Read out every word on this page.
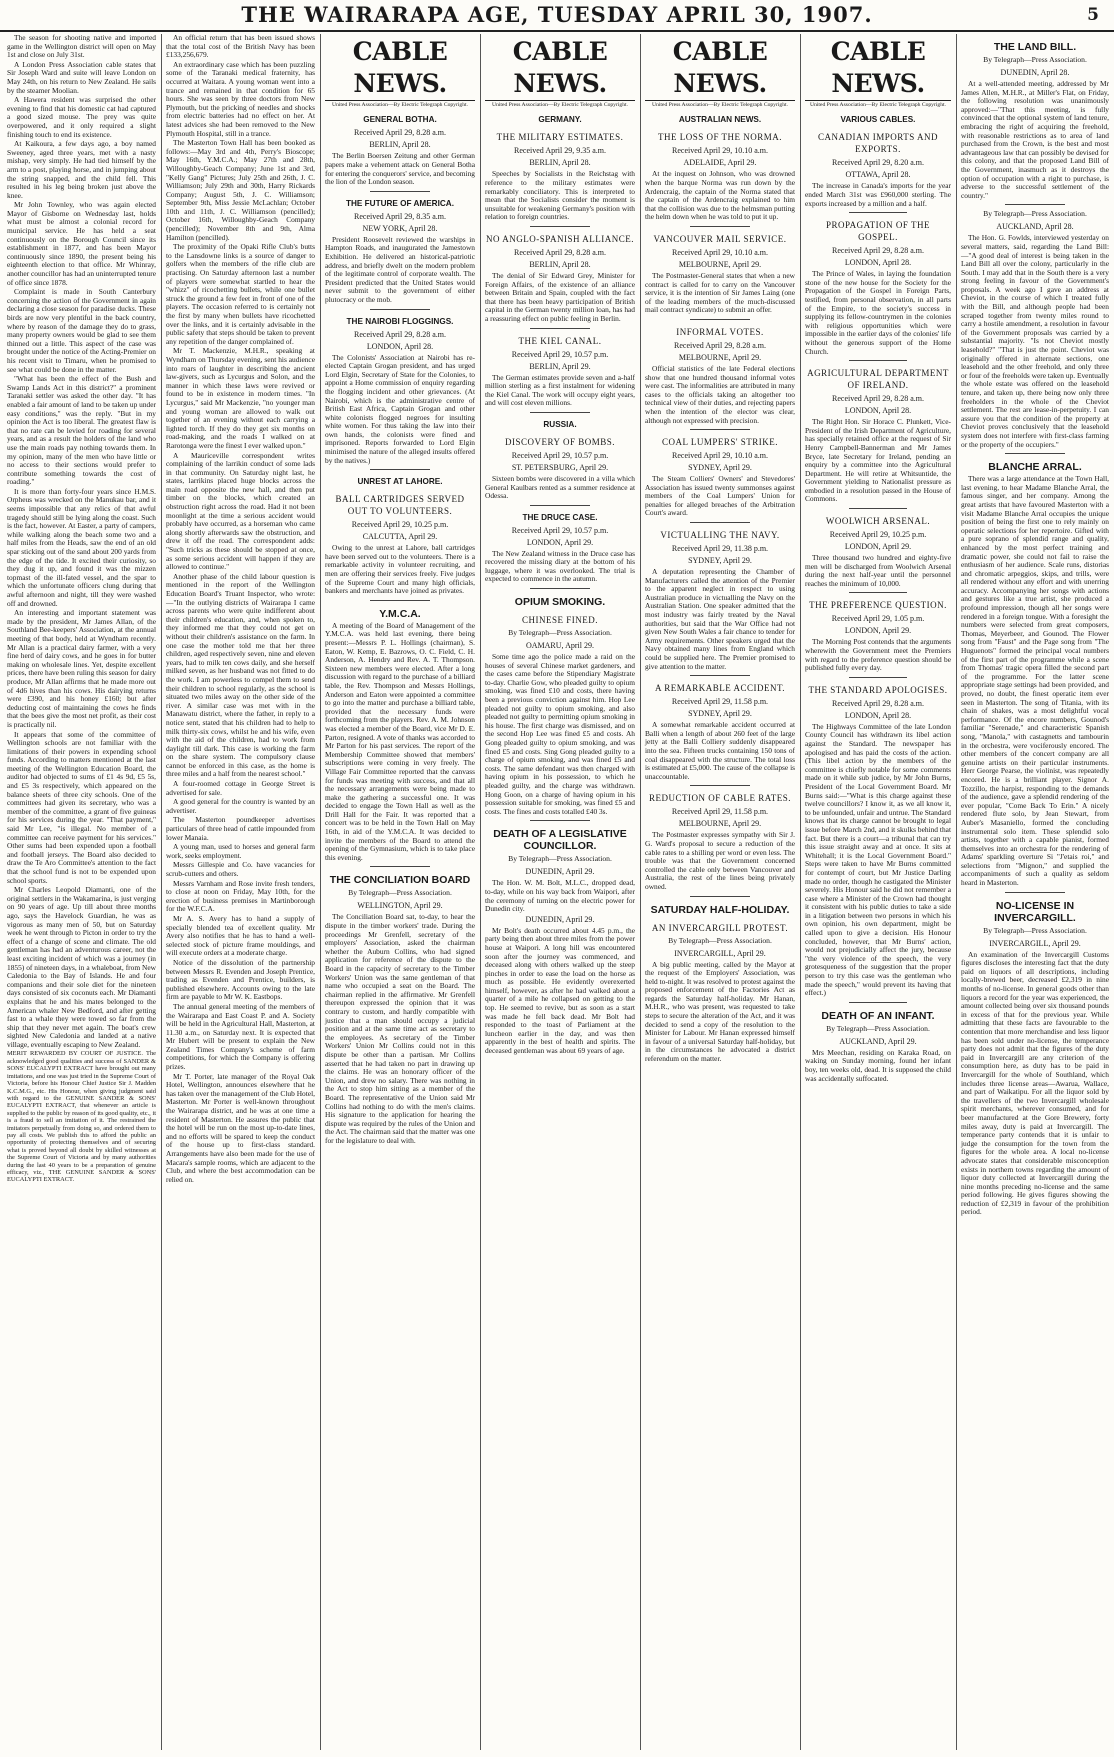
THE WAIRARAPA AGE, TUESDAY APRIL 30, 1907.	5

The season for shooting native and imported game in the Wellington district will open on May 1st and close on July 31st.

A London Press Association cable states that Sir Joseph Ward and suite will leave London on May 24th, on his return to New Zealand. He sails by the steamer Moolian.

A Hawera resident was surprised the other evening to find that his domestic cat had captured a good sized mouse. The prey was quite overpowered, and it only required a slight finishing touch to end its existence.

At Kaikoura, a few days ago, a boy named Sweeney, aged three years, met with a nasty mishap, very simply. He had tied himself by the arm to a post, playing horse, and in jumping about the string snapped, and the child fell. This resulted in his leg being broken just above the knee.

Mr John Townley, who was again elected Mayor of Gisborne on Wednesday last, holds what must be almost a colonial record for municipal service. He has held a seat continuously on the Borough Council since its establishment in 1877, and has been Mayor continuously since 1890, the present being his eighteenth election to that office. Mr Whinray, another councillor has had an uninterrupted tenure of office since 1878.

Complaint is made in South Canterbury concerning the action of the Government in again declaring a close season for paradise ducks. These birds are now very plentiful in the back country, where by reason of the damage they do to grass, many property owners would be glad to see them thinned out a little. This aspect of the case was brought under the notice of the Acting-Premier on his recent visit to Timaru, when he promised to see what could be done in the matter.

"What has been the effect of the Bush and Swamp Lands Act in this district?" a prominent Taranaki settler was asked the other day. "It has enabled a fair amount of land to be taken up under easy conditions," was the reply. "But in my opinion the Act is too liberal. The greatest flaw is that no rate can be levied for roading for several years, and as a result the holders of the land who use the main roads pay nothing towards them. In my opinion, many of the men who have little or no access to their sections would prefer to contribute something towards the cost of roading."

It is more than forty-four years since H.M.S. Orpheus was wrecked on the Manukau bar, and it seems impossible that any relics of that awful tragedy should still be lying along the coast. Such is the fact, however. At Easter, a party of campers, while walking along the beach some two and a half miles from the Heads, saw the end of an old spar sticking out of the sand about 200 yards from the edge of the tide. It excited their curiosity, so they dug it up, and found it was the mizzen topmast of the ill-fated vessel, and the spar to which the unfortunate officers clung during that awful afternoon and night, till they were washed off and drowned.

An interesting and important statement was made by the president, Mr James Allan, of the Southland Bee-keepers' Association, at the annual meeting of that body, held at Wyndham recently. Mr Allan is a practical dairy farmer, with a very fine herd of dairy cows, and he goes in for butter making on wholesale lines. Yet, despite excellent prices, there have been ruling this season for dairy produce, Mr Allan affirms that he made more out of 4d6 hives than his cows. His dairying returns were £390, and his honey £160; but after deducting cost of maintaining the cows he finds that the bees give the most net profit, as their cost is practically nil.

It appears that some of the committee of Wellington schools are not familiar with the limitations of their powers in expending school funds. According to matters mentioned at the last meeting of the Wellington Education Board, the auditor had objected to sums of £1 4s 9d, £5 5s, and £5 3s respectively, which appeared on the balance sheets of three city schools. One of the committees had given its secretary, who was a member of the committee, a grant of five guineas for his services during the year. "That payment," said Mr Lee, "is illegal. No member of a committee can receive payment for his services." Other sums had been expended upon a football and football jerseys. The Board also decided to draw the Te Aro Committee's attention to the fact that the school fund is not to be expended upon school sports.

Mr Charles Leopold Diamanti, one of the original settlers in the Wakamarina, is just verging on 90 years of age. Up till about three months ago, says the Havelock Guardian, he was as vigorous as many men of 50, but on Saturday week he went through to Picton in order to try the effect of a change of scene and climate. The old gentleman has had an adventurous career, not the least exciting incident of which was a journey (in 1855) of nineteen days, in a whaleboat, from New Caledonia to the Bay of Islands. He and four companions and their sole diet for the nineteen days consisted of six coconuts each. Mr Diamanti explains that he and his mates belonged to the American whaler New Bedford, and after getting fast to a whale they were towed so far from the ship that they never met again. The boat's crew sighted New Caledonia and landed at a native village, eventually escaping to New Zealand.

MERIT REWARDED BY COURT OF JUSTICE. The acknowledged good qualities and success of SANDER & SONS' EUCALYPTI EXTRACT have brought out many imitations, and one was just tried in the Supreme Court of Victoria, before his Honour Chief Justice Sir J. Madden K.C.M.G., etc. His Honour, when giving judgment said with regard to the GENUINE SANDER & SONS' EUCALYPTI EXTRACT, that whenever an article is supplied to the public by reason of its good quality, etc., it is a fraud to sell an imitation of it. The restrained the imitators perpetually from doing so, and ordered them to pay all costs. We publish this to afford the public an opportunity of protecting themselves and of securing what is proved beyond all doubt by skilled witnesses at the Supreme Court of Victoria and by many authorities during the last 40 years to be a preparation of genuine efficacy, viz., THE GENUINE SANDER & SONS' EUCALYPTI EXTRACT.

An official return that has been issued shows that the total cost of the British Navy has been £133,256,679.

An extraordinary case which has been puzzling some of the Taranaki medical fraternity, has occurred at Waitara. A young woman went into a trance and remained in that condition for 65 hours. She was seen by three doctors from New Plymouth, but the pricking of needles and shocks from electric batteries had no effect on her. At latest advices she had been removed to the New Plymouth Hospital, still in a trance.

The Masterton Town Hall has been booked as follows:—May 3rd and 4th, Perry's Bioscope; May 16th, Y.M.C.A.; May 27th and 28th, Willoughby-Geach Company; June 1st and 3rd, "Kelly Gang" Pictures; July 25th and 26th, J. C. Williamson; July 29th and 30th, Harry Rickards Company; August 5th, J. C. Williamson; September 9th, Miss Jessie McLachlan; October 10th and 11th, J. C. Williamson (pencilled); October 16th, Willoughby-Geach Company (pencilled); November 8th and 9th, Alma Hamilton (pencilled).

The proximity of the Opaki Rifle Club's butts to the Lansdowne links is a source of danger to golfers when the members of the rifle club are practising. On Saturday afternoon last a number of players were somewhat startled to hear the "whizz" of ricochetting bullets, while one bullet struck the ground a few feet in front of one of the players. The occasion referred to is certainly not the first by many when bullets have ricochetted over the links, and it is certainly advisable in the public safety that steps should be taken to prevent any repetition of the danger complained of.

Mr T. Mackenzie, M.H.R., speaking at Wyndham on Thursday evening, sent his audience into roars of laughter in describing the ancient law-givers, such as Lycurgus and Solon, and the manner in which these laws were revived or found to be in existence in modern times. "In Lycurgus," said Mr Mackenzie, "no younger man and young woman are allowed to walk out together of an evening without each carrying a lighted torch. If they do they get six months on road-making, and the roads I walked on at Rarotonga were the finest I ever walked upon."

A Mauriceville correspondent writes complaining of the larrikin conduct of some lads in that community. On Saturday night last, he states, larrikins placed huge blocks across the main road opposite the new hall, and then put timber on the blocks, which created an obstruction right across the road. Had it not been moonlight at the time a serious accident would probably have occurred, as a horseman who came along shortly afterwards saw the obstruction, and drew it off the road. The correspondent adds: "Such tricks as these should be stopped at once, as some serious accident will happen if they are allowed to continue."

Another phase of the child labour question is mentioned in the report of the Wellington Education Board's Truant Inspector, who wrote:—"In the outlying districts of Wairarapa I came across parents who were quite indifferent about their children's education, and, when spoken to, they informed me that they could not get on without their children's assistance on the farm. In one case the mother told me that her three children, aged respectively seven, nine and eleven years, had to milk ten cows daily, and she herself milked seven, as her husband was not fitted to do the work. I am powerless to compel them to send their children to school regularly, as the school is situated two miles away on the other side of the river. A similar case was met with in the Manawatu district, where the father, in reply to a notice sent, stated that his children had to help to milk thirty-six cows, whilst he and his wife, even with the aid of the children, had to work from daylight till dark. This case is working the farm on the share system. The compulsory clause cannot be enforced in this case, as the home is three miles and a half from the nearest school."

A four-roomed cottage in George Street is advertised for sale.

A good general for the country is wanted by an advertiser.

The Masterton poundkeeper advertises particulars of three head of cattle impounded from lower Manaia.

A young man, used to horses and general farm work, seeks employment.

Messrs Gillespie and Co. have vacancies for scrub-cutters and others.

Messrs Varnham and Rose invite fresh tenders, to close at noon on Friday, May 10th, for the erection of business premises in Martinborough for the W.F.C.A.

Mr A. S. Avery has to hand a supply of specially blended tea of excellent quality. Mr Avery also notifies that he has to hand a well-selected stock of picture frame mouldings, and will execute orders at a moderate charge.

Notice of the dissolution of the partnership between Messrs R. Evenden and Joseph Prentice, trading as Evenden and Prentice, builders, is published elsewhere. Accounts owing to the late firm are payable to Mr W. K. Eastbops.

The annual general meeting of the members of the Wairarapa and East Coast P. and A. Society will be held in the Agricultural Hall, Masterton, at 11.30 a.m., on Saturday next. It is expected that Mr Hubert will be present to explain the New Zealand Times Company's scheme of farm competitions, for which the Company is offering prizes.

Mr T. Porter, late manager of the Royal Oak Hotel, Wellington, announces elsewhere that he has taken over the management of the Club Hotel, Masterton. Mr Porter is well-known throughout the Wairarapa district, and he was at one time a resident of Masterton. He assures the public that the hotel will be run on the most up-to-date lines, and no efforts will be spared to keep the conduct of the house up to first-class standard. Arrangements have also been made for the use of Macara's sample rooms, which are adjacent to the Club, and where the best accommodation can be relied on.

CABLE NEWS.
United Press Association—By Electric Telegraph Copyright.
GENERAL BOTHA.
Received April 29, 8.28 a.m.
BERLIN, April 28.

The Berlin Boersen Zeitung and other German papers make a vehement attack on General Botha for entering the conquerors' service, and becoming the lion of the London season.

THE FUTURE OF AMERICA.
Received April 29, 8.35 a.m.
NEW YORK, April 28.

President Roosevelt reviewed the warships in Hampton Roads, and inaugurated the Jamestown Exhibition. He delivered an historical-patriotic address, and briefly dwelt on the modern problem of the legitimate control of corporate wealth. The President predicted that the United States would never submit to the government of either plutocracy or the mob.

THE NAIROBI FLOGGINGS.
Received April 29, 8.28 a.m.
LONDON, April 28.

The Colonists' Association at Nairobi has re-elected Captain Grogan president, and has urged Lord Elgin, Secretary of State for the Colonies, to appoint a Home commission of enquiry regarding the flogging incident and other grievances. (At Nairobi, which is the administrative centre of British East Africa, Captain Grogan and other white colonists flogged negroes for insulting white women. For thus taking the law into their own hands, the colonists were fined and imprisoned. Reports forwarded to Lord Elgin minimised the nature of the alleged insults offered by the natives.)

UNREST AT LAHORE.
BALL CARTRIDGES SERVED OUT TO VOLUNTEERS.
Received April 29, 10.25 p.m.
CALCUTTA, April 29.

Owing to the unrest at Lahore, ball cartridges have been served out to the volunteers. There is a remarkable activity in volunteer recruiting, and men are offering their services freely. Five judges of the Supreme Court and many high officials, bankers and merchants have joined as privates.

Y.M.C.A.

A meeting of the Board of Management of the Y.M.C.A. was held last evening, there being present:—Messrs P. L. Hollings (chairman), S. Eaton, W. Kemp, E. Bazrows, O. C. Field, C. H. Anderson, A. Hendry and Rev. A. T. Thompson. Sixteen new members were elected. After a long discussion with regard to the purchase of a billiard table, the Rev. Thompson and Messrs Hollings, Anderson and Eaton were appointed a committee to go into the matter and purchase a billiard table, provided that the necessary funds were forthcoming from the players. Rev. A. M. Johnson was elected a member of the Board, vice Mr D. E. Parton, resigned. A vote of thanks was accorded to Mr Parton for his past services. The report of the Membership Committee showed that members' subscriptions were coming in very freely. The Village Fair Committee reported that the canvass for funds was meeting with success, and that all the necessary arrangements were being made to make the gathering a successful one. It was decided to engage the Town Hall as well as the Drill Hall for the Fair. It was reported that a concert was to be held in the Town Hall on May 16th, in aid of the Y.M.C.A. It was decided to invite the members of the Board to attend the opening of the Gymnasium, which is to take place this evening.

THE CONCILIATION BOARD
By Telegraph—Press Association.
WELLINGTON, April 29.

The Conciliation Board sat, to-day, to hear the dispute in the timber workers' trade. During the proceedings Mr Grenfell, secretary of the employers' Association, asked the chairman whether the Auburn Collins, who had signed application for reference of the dispute to the Board in the capacity of secretary to the Timber Workers' Union was the same gentleman of that name who occupied a seat on the Board. The chairman replied in the affirmative. Mr Grenfell thereupon expressed the opinion that it was contrary to custom, and hardly compatible with justice that a man should occupy a judicial position and at the same time act as secretary to the employees. As secretary of the Timber Workers' Union Mr Collins could not in this dispute be other than a partisan. Mr Collins asserted that he had taken no part in drawing up the claims. He was an honorary officer of the Union, and drew no salary. There was nothing in the Act to stop him sitting as a member of the Board. The representative of the Union said Mr Collins had nothing to do with the men's claims. His signature to the application for hearing the dispute was required by the rules of the Union and the Act. The chairman said that the matter was one for the legislature to deal with.

CABLE NEWS.
United Press Association—By Electric Telegraph Copyright.
GERMANY.
THE MILITARY ESTIMATES.
Received April 29, 9.35 a.m.
BERLIN, April 28.

Speeches by Socialists in the Reichstag with reference to the military estimates were remarkably conciliatory. This is interpreted to mean that the Socialists consider the moment is unsuitable for weakening Germany's position with relation to foreign countries.

NO ANGLO-SPANISH ALLIANCE.
Received April 29, 8.28 a.m.
BERLIN, April 28.

The denial of Sir Edward Grey, Minister for Foreign Affairs, of the existence of an alliance between Britain and Spain, coupled with the fact that there has been heavy participation of British capital in the German twenty million loan, has had a reassuring effect on public feeling in Berlin.

THE KIEL CANAL.
Received April 29, 10.57 p.m.
BERLIN, April 29.

The German estimates provide seven and a-half million sterling as a first instalment for widening the Kiel Canal. The work will occupy eight years, and will cost eleven millions.

RUSSIA.
DISCOVERY OF BOMBS.
Received April 29, 10.57 p.m.
ST. PETERSBURG, April 29.

Sixteen bombs were discovered in a villa which General Kaulbars rented as a summer residence at Odessa.

THE DRUCE CASE.
Received April 29, 10.57 p.m.
LONDON, April 29.

The New Zealand witness in the Druce case has recovered the missing diary at the bottom of his luggage, where it was overlooked. The trial is expected to commence in the autumn.

OPIUM SMOKING.
CHINESE FINED.
By Telegraph—Press Association.
OAMARU, April 29.

Some time ago the police made a raid on the houses of several Chinese market gardeners, and the cases came before the Stipendiary Magistrate to-day. Charlie Gow, who pleaded guilty to opium smoking, was fined £10 and costs, there having been a previous conviction against him. Hop Lee pleaded not guilty to opium smoking, and also pleaded not guilty to permitting opium smoking in his house. The first charge was dismissed, and on the second Hop Lee was fined £5 and costs. Ah Gong pleaded guilty to opium smoking, and was fined £5 and costs. Sing Gong pleaded guilty to a charge of opium smoking, and was fined £5 and costs. The same defendant was then charged with having opium in his possession, to which he pleaded guilty, and the charge was withdrawn. Hong Goon, on a charge of having opium in his possession suitable for smoking, was fined £5 and costs. The fines and costs totalled £40 3s.

DEATH OF A LEGISLATIVE COUNCILLOR.
By Telegraph—Press Association.
DUNEDIN, April 29.

The Hon. W. M. Bolt, M.L.C., dropped dead, to-day, while on his way back from Waipori, after the ceremony of turning on the electric power for Dunedin city.

DUNEDIN, April 29.

Mr Bolt's death occurred about 4.45 p.m., the party being then about three miles from the power house at Waipori. A long hill was encountered soon after the journey was commenced, and deceased along with others walked up the steep pinches in order to ease the load on the horse as much as possible. He evidently overexerted himself, however, as after he had walked about a quarter of a mile he collapsed on getting to the top. He seemed to revive, but as soon as a start was made he fell back dead. Mr Bolt had responded to the toast of Parliament at the luncheon earlier in the day, and was then apparently in the best of health and spirits. The deceased gentleman was about 69 years of age.

CABLE NEWS.
United Press Association—By Electric Telegraph Copyright.
AUSTRALIAN NEWS.
THE LOSS OF THE NORMA.
Received April 29, 10.10 a.m.
ADELAIDE, April 29.

At the inquest on Johnson, who was drowned when the barque Norma was run down by the Ardencraig, the captain of the Norma stated that the captain of the Ardencraig explained to him that the collision was due to the helmsman putting the helm down when he was told to put it up.

VANCOUVER MAIL SERVICE.
Received April 29, 10.10 a.m.
MELBOURNE, April 29.

The Postmaster-General states that when a new contract is called for to carry on the Vancouver service, it is the intention of Sir James Laing (one of the leading members of the much-discussed mail contract syndicate) to submit an offer.

INFORMAL VOTES.
Received April 29, 8.28 a.m.
MELBOURNE, April 29.

Official statistics of the late Federal elections show that one hundred thousand informal votes were cast. The informalities are attributed in many cases to the officials taking an altogether too technical view of their duties, and rejecting papers when the intention of the elector was clear, although not expressed with precision.

COAL LUMPERS' STRIKE.
Received April 29, 10.10 a.m.
SYDNEY, April 29.

The Steam Colliers' Owners' and Stevedores' Association has issued twenty summonses against members of the Coal Lumpers' Union for penalties for alleged breaches of the Arbitration Court's award.

VICTUALLING THE NAVY.
Received April 29, 11.38 p.m.
SYDNEY, April 29.

A deputation representing the Chamber of Manufacturers called the attention of the Premier to the apparent neglect in respect to using Australian produce in victualling the Navy on the Australian Station. One speaker admitted that the most industry was fairly treated by the Naval authorities, but said that the War Office had not given New South Wales a fair chance to tender for Army requirements. Other speakers urged that the Navy obtained many lines from England which could be supplied here. The Premier promised to give attention to the matter.

A REMARKABLE ACCIDENT.
Received April 29, 11.58 p.m.
SYDNEY, April 29.

A somewhat remarkable accident occurred at Balli when a length of about 260 feet of the large jetty at the Balli Colliery suddenly disappeared into the sea. Fifteen trucks containing 150 tons of coal disappeared with the structure. The total loss is estimated at £5,000. The cause of the collapse is unaccountable.

REDUCTION OF CABLE RATES.
Received April 29, 11.58 p.m.
MELBOURNE, April 29.

The Postmaster expresses sympathy with Sir J. G. Ward's proposal to secure a reduction of the cable rates to a shilling per word or even less. The trouble was that the Government concerned controlled the cable only between Vancouver and Australia, the rest of the lines being privately owned.

SATURDAY HALF-HOLIDAY.
AN INVERCARGILL PROTEST.
By Telegraph—Press Association.
INVERCARGILL, April 29.

A big public meeting, called by the Mayor at the request of the Employers' Association, was held to-night. It was resolved to protest against the proposed enforcement of the Factories Act as regards the Saturday half-holiday. Mr Hanan, M.H.R., who was present, was requested to take steps to secure the alteration of the Act, and it was decided to send a copy of the resolution to the Minister for Labour. Mr Hanan expressed himself in favour of a universal Saturday half-holiday, but in the circumstances he advocated a district referendum on the matter.

CABLE NEWS.
United Press Association—By Electric Telegraph Copyright.
VARIOUS CABLES.
CANADIAN IMPORTS AND EXPORTS.
Received April 29, 8.20 a.m.
OTTAWA, April 28.

The increase in Canada's imports for the year ended March 31st was £960,000 sterling. The exports increased by a million and a half.

PROPAGATION OF THE GOSPEL.
Received April 29, 8.28 a.m.
LONDON, April 28.

The Prince of Wales, in laying the foundation stone of the new house for the Society for the Propagation of the Gospel in Foreign Parts, testified, from personal observation, in all parts of the Empire, to the society's success in supplying its fellow-countrymen in the colonies with religious opportunities which were impossible in the earlier days of the colonies' life without the generous support of the Home Church.

AGRICULTURAL DEPARTMENT OF IRELAND.
Received April 29, 8.28 a.m.
LONDON, April 28.

The Right Hon. Sir Horace C. Plunkett, Vice-President of the Irish Department of Agriculture, has specially retained office at the request of Sir Henry Campbell-Bannerman and Mr James Bryce, late Secretary for Ireland, pending an enquiry by a committee into the Agricultural Department. He will retire at Whitsuntide, the Government yielding to Nationalist pressure as embodied in a resolution passed in the House of Commons.

WOOLWICH ARSENAL.
Received April 29, 10.25 p.m.
LONDON, April 29.

Three thousand two hundred and eighty-five men will be discharged from Woolwich Arsenal during the next half-year until the personnel reaches the minimum of 10,000.

THE PREFERENCE QUESTION.
Received April 29, 1.05 p.m.
LONDON, April 29.

The Morning Post contends that the arguments wherewith the Government meet the Premiers with regard to the preference question should be published fully every day.

THE STANDARD APOLOGISES.
Received April 29, 8.28 a.m.
LONDON, April 28.

The Highways Committee of the late London County Council has withdrawn its libel action against the Standard. The newspaper has apologised and has paid the costs of the action. (This libel action by the members of the committee is chiefly notable for some comments made on it while sub judice, by Mr John Burns, President of the Local Government Board. Mr Burns said:—"What is this charge against these twelve councillors? I know it, as we all know it, to be unfounded, unfair and untrue. The Standard knows that its charge cannot be brought to legal issue before March 2nd, and it skulks behind that fact. But there is a court—a tribunal that can try this issue straight away and at once. It sits at Whitehall; it is the Local Government Board." Steps were taken to have Mr Burns committed for contempt of court, but Mr Justice Darling made no order, though he castigated the Minister severely. His Honour said he did not remember a case where a Minister of the Crown had thought it consistent with his public duties to take a side in a litigation between two persons in which his own opinion, his own department, might be called upon to give a decision. His Honour concluded, however, that Mr Burns' action, would not prejudicially affect the jury, because "the very violence of the speech, the very grotesqueness of the suggestion that the proper person to try this case was the gentleman who made the speech," would prevent its having that effect.)

DEATH OF AN INFANT.
By Telegraph—Press Association.
AUCKLAND, April 29.

Mrs Meechan, residing on Karaka Road, on waking on Sunday morning, found her infant boy, ten weeks old, dead. It is supposed the child was accidentally suffocated.

THE LAND BILL.
By Telegraph—Press Association.
DUNEDIN, April 28.

At a well-attended meeting, addressed by Mr James Allen, M.H.R., at Miller's Flat, on Friday, the following resolution was unanimously approved:—"That this meeting, is fully convinced that the optional system of land tenure, embracing the right of acquiring the freehold, with reasonable restrictions as to area of land purchased from the Crown, is the best and most advantageous law that can possibly be devised for this colony, and that the proposed Land Bill of the Government, inasmuch as it destroys the option of occupation with a right to purchase, is adverse to the successful settlement of the country."

By Telegraph—Press Association.
AUCKLAND, April 28.

The Hon. G. Fowlds, interviewed yesterday on several matters, said, regarding the Land Bill:—"A good deal of interest is being taken in the Land Bill all over the colony, particularly in the South. I may add that in the South there is a very strong feeling in favour of the Government's proposals. A week ago I gave an address at Cheviot, in the course of which I treated fully with the Bill, and although people had been scraped together from twenty miles round to carry a hostile amendment, a resolution in favour of the Government proposals was carried by a substantial majority. "Is not Cheviot mostly leasehold?" "That is just the point. Cheviot was originally offered in alternate sections, one leasehold and the other freehold, and only three or four of the freeholds were taken up. Eventually the whole estate was offered on the leasehold tenure, and taken up, there being now only three freeholders in the whole of the Cheviot settlement. The rest are lease-in-perpetuity. I can assure you that the condition of the property at Cheviot proves conclusively that the leasehold system does not interfere with first-class farming or the property of the occupiers."

BLANCHE ARRAL.

There was a large attendance at the Town Hall, last evening, to hear Madame Blanche Arral, the famous singer, and her company. Among the great artists that have favoured Masterton with a visit Madame Blanche Arral occupies the unique position of being the first one to rely mainly on operatic selections for her repertoire. Gifted with a pure soprano of splendid range and quality, enhanced by the most perfect training and dramatic power, she could not fail to raise the enthusiasm of her audience. Scale runs, distorias and chromatic arpeggios, skips, and trills, were all rendered without any effort and with unerring accuracy. Accompanying her songs with actions and gestures like a true artist, she produced a profound impression, though all her songs were rendered in a foreign tongue. With a foresight the numbers were selected from great composers, Thomas, Meyerbeer, and Gounod. The Flower song from "Faust" and the Page song from "The Huguenots" formed the principal vocal numbers of the first part of the programme while a scene from Thomas' tragic opera filled the second part of the programme. For the latter scene appropriate stage settings had been provided, and proved, no doubt, the finest operatic item ever seen in Masterton. The song of Titania, with its chain of shakes, was a most delightful vocal performance. Of the encore numbers, Gounod's familiar "Serenade," and characteristic Spanish song, "Manola," with castagnetts and tambourin in the orchestra, were vociferously encored. The other members of the concert company are all genuine artists on their particular instruments. Herr George Pearse, the violinist, was repeatedly encored. He is a brilliant player. Signor A. Tozzillo, the harpist, responding to the demands of the audience, gave a splendid rendering of the ever popular, "Come Back To Erin." A nicely rendered flute solo, by Jean Stewart, from Auber's Masaniello, formed the concluding instrumental solo item. These splendid solo artists, together with a capable pianist, formed themselves into an orchestra for the rendering of Adams' sparkling overture Si "J'etais roi," and selections from "Mignon," and supplied the accompaniments of such a quality as seldom heard in Masterton.

NO-LICENSE IN INVERCARGILL.
By Telegraph—Press Association.
INVERCARGILL, April 29.

An examination of the Invercargill Customs figures discloses the interesting fact that the duty paid on liquors of all descriptions, including locally-brewed beer, decreased £2,319 in nine months of no-license. In general goods other than liquors a record for the year was experienced, the amount collected being over six thousand pounds in excess of that for the previous year. While admitting that these facts are favourable to the contention that more merchandise and less liquor has been sold under no-license, the temperance party does not admit that the figures of the duty paid in Invercargill are any criterion of the consumption here, as duty has to be paid in Invercargill for the whole of Southland, which includes three license areas—Awarua, Wallace, and part of Waikatipu. For all the liquor sold by the travellers of the two Invercargill wholesale spirit merchants, wherever consumed, and for beer manufactured at the Gore Brewery, forty miles away, duty is paid at Invercargill. The temperance party contends that it is unfair to judge the consumption for the town from the figures for the whole area. A local no-license advocate states that considerable misconception exists in northern towns regarding the amount of liquor duty collected at Invercargill during the nine months preceding no-license and the same period following. He gives figures showing the reduction of £2,319 in favour of the prohibition period.
